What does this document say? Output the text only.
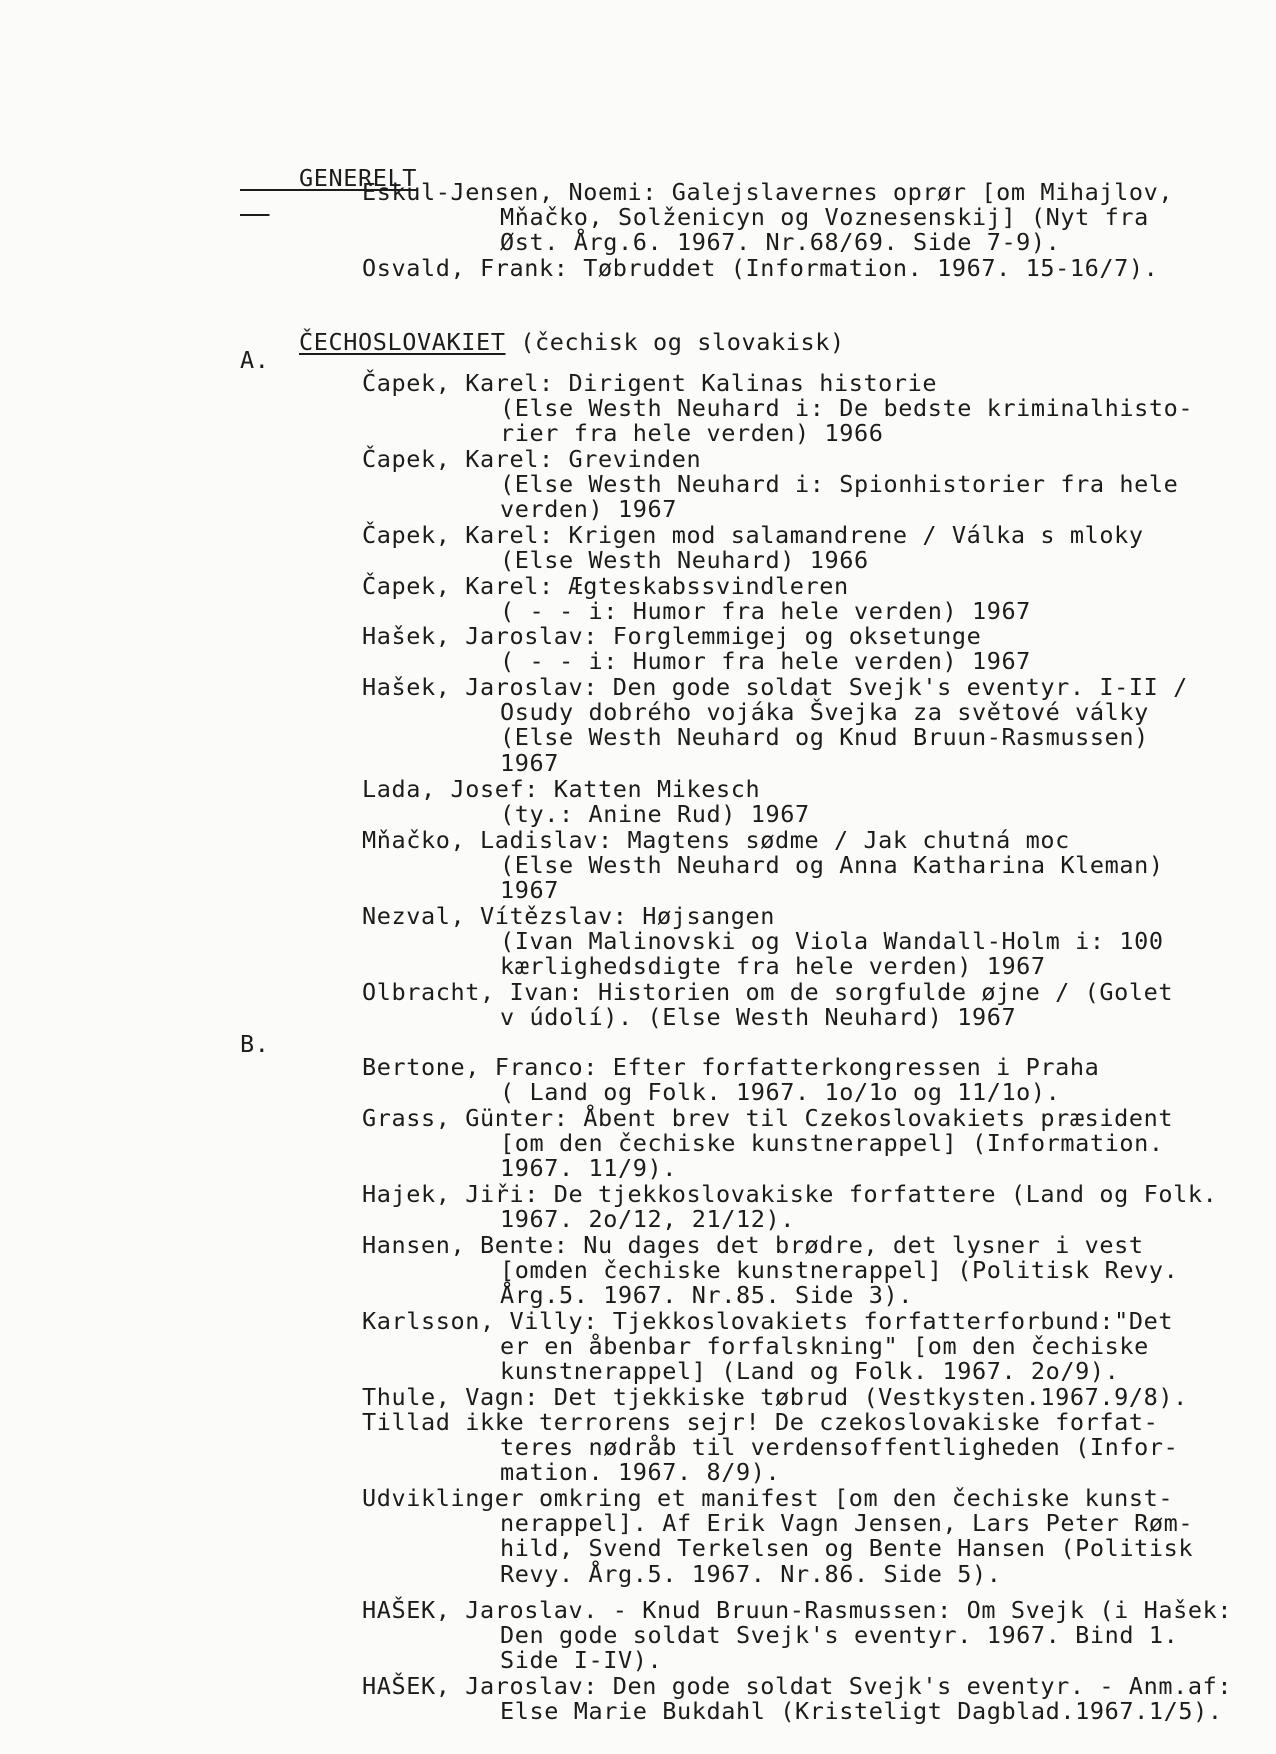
GENERELT

Eskul-Jensen, Noemi: Galejslavernes oprør [om Mihajlov,
Mňačko, Solženicyn og Voznesenskij] (Nyt fra
Øst. Årg.6. 1967. Nr.68/69. Side 7-9).
Osvald, Frank: Tøbruddet (Information. 1967. 15-16/7).

ČECHOSLOVAKIET (čechisk og slovakisk)

A.
Čapek, Karel: Dirigent Kalinas historie
(Else Westh Neuhard i: De bedste kriminalhisto-
rier fra hele verden) 1966
Čapek, Karel: Grevinden
(Else Westh Neuhard i: Spionhistorier fra hele
verden) 1967
Čapek, Karel: Krigen mod salamandrene / Válka s mloky
(Else Westh Neuhard) 1966
Čapek, Karel: Ægteskabssvindleren
( - - i: Humor fra hele verden) 1967
Hašek, Jaroslav: Forglemmigej og oksetunge
( - - i: Humor fra hele verden) 1967
Hašek, Jaroslav: Den gode soldat Svejk's eventyr. I-II /
Osudy dobrého vojáka Švejka za světové války
(Else Westh Neuhard og Knud Bruun-Rasmussen)
1967
Lada, Josef: Katten Mikesch
(ty.: Anine Rud) 1967
Mňačko, Ladislav: Magtens sødme / Jak chutná moc
(Else Westh Neuhard og Anna Katharina Kleman)
1967
Nezval, Vítězslav: Højsangen
(Ivan Malinovski og Viola Wandall-Holm i: 100
kærlighedsdigte fra hele verden) 1967
Olbracht, Ivan: Historien om de sorgfulde øjne / (Golet
v údolí). (Else Westh Neuhard) 1967
B.
Bertone, Franco: Efter forfatterkongressen i Praha
( Land og Folk. 1967. 1o/1o og 11/1o).
Grass, Günter: Åbent brev til Czekoslovakiets præsident
[om den čechiske kunstnerappel] (Information.
1967. 11/9).
Hajek, Jiři: De tjekkoslovakiske forfattere (Land og Folk.
1967. 2o/12, 21/12).
Hansen, Bente: Nu dages det brødre, det lysner i vest
[omden čechiske kunstnerappel] (Politisk Revy.
Årg.5. 1967. Nr.85. Side 3).
Karlsson, Villy: Tjekkoslovakiets forfatterforbund:"Det
er en åbenbar forfalskning" [om den čechiske
kunstnerappel] (Land og Folk. 1967. 2o/9).
Thule, Vagn: Det tjekkiske tøbrud (Vestkysten.1967.9/8).
Tillad ikke terrorens sejr! De czekoslovakiske forfat-
teres nødråb til verdensoffentligheden (Infor-
mation. 1967. 8/9).
Udviklinger omkring et manifest [om den čechiske kunst-
nerappel]. Af Erik Vagn Jensen, Lars Peter Røm-
hild, Svend Terkelsen og Bente Hansen (Politisk
Revy. Årg.5. 1967. Nr.86. Side 5).
HAŠEK, Jaroslav. - Knud Bruun-Rasmussen: Om Svejk (i Hašek:
Den gode soldat Svejk's eventyr. 1967. Bind 1.
Side I-IV).
HAŠEK, Jaroslav: Den gode soldat Svejk's eventyr. - Anm.af:
Else Marie Bukdahl (Kristeligt Dagblad.1967.1/5).
